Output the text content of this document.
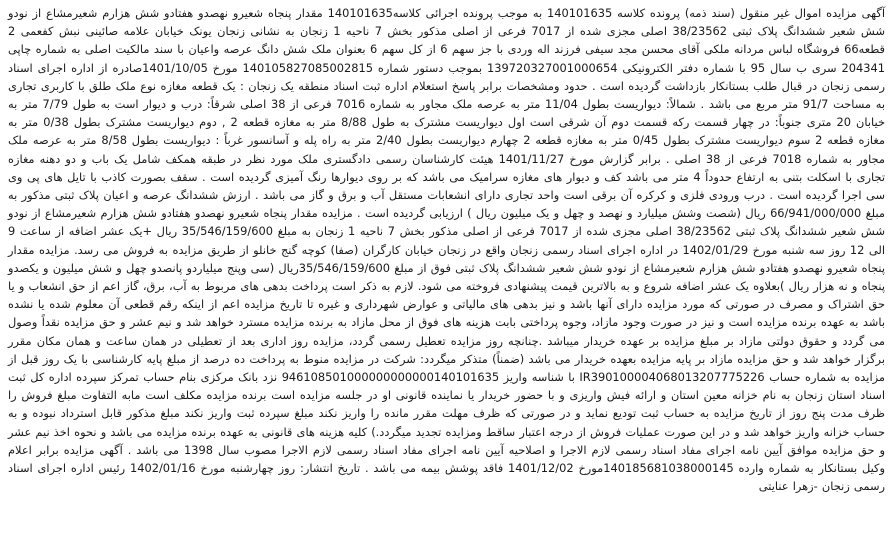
آگهی مزایده اموال غیر منقول (سند ذمه) پرونده کلاسه 140101635 به موجب پرونده اجرائی کلاسه140101635 مقدار پنجاه شعیرو نهصدو هفتادو شش هزارم شعیرمشاع از نودو شش شعیر ششدانگ پلاک ثبتی 38/23562 اصلی مجزی شده از 7017 فرعی از اصلی مذکور بخش 7 ناحیه 1 زنجان به نشانی زنجان یونک خیابان علامه صائینی نبش کفعمی 2 قطعه66 فروشگاه لباس مردانه ملکی آقای محسن مجد سیفی فرزند اله وردی با جز سهم 6 از کل سهم 6 بعنوان ملک شش دانگ عرصه واعیان با سند مالکیت اصلی به شماره چاپی 204341 سری ب سال 95 با شماره دفتر الکترونیکی 139720327001000654 بموجب دستور شماره 140105827085002815 مورخ 1401/10/05صادره از اداره اجرای اسناد رسمی زنجان در قبال طلب بستانکار بازداشت گردیده است . حدود ومشخصات برابر پاسخ استعلام اداره ثبت اسناد منطقه یک زنجان : یک قطعه مغازه نوع ملک طلق با کاربری تجاری به مساحت 91/7 متر مربع می باشد . شمالاً: دیواریست بطول 11/04 متر به عرصه ملک مجاور به شماره 7016 فرعی از 38 اصلی شرقاً: درب و دیوار است به طول 7/79 متر به خیابان 20 متری جنوباً: در چهار قسمت ركه قسمت دوم آن شرقی است اول دیواریست مشترک به طول 8/88 متر به مغازه قطعه 2 , دوم دیواریست مشترک بطول 0/38 متر به مغازه قطعه 2 سوم دیواریست مشترک بطول 0/45 متر به مغازه قطعه 2 چهارم دیواریست بطول 2/40 متر به راه پله و آسانسور غرباً : دیواریست بطول 8/58 متر به عرصه ملک مجاور به شماره 7018 فرعی از 38 اصلی . برابر گزارش مورخ 1401/11/27 هیئت کارشناسان رسمی دادگستری ملک مورد نظر در طبقه همکف شامل یک باب و دو دهنه مغازه تجاری با اسکلت بتنی به ارتفاع حدوداً 4 متر می باشد کف و دیوار های مغازه سرامیک می باشد که بر روی دیوارها رنگ آمیزی گردیده است . سقف بصورت کاذب با تایل های پی وی سی اجرا گردیده است . درب ورودی فلزی و کرکره آن برقی است واحد تجاری دارای انشعابات مستقل آب و برق و گاز می باشد . ارزش ششدانگ عرصه و اعیان پلاک ثبتی مذکور به مبلغ 66/941/000/000 ریال (شصت وشش میلیارد و نهصد و چهل و یک میلیون ریال ) ارزیابی گردیده است . مزایده مقدار پنجاه شعیرو نهصدو هفتادو شش هزارم شعیرمشاع از نودو شش شعیر ششدانگ پلاک ثبتی 38/23562 اصلی مجزی شده از 7017 فرعی از اصلی مذکور بخش 7 ناحیه 1 زنجان به مبلغ 35/546/159/600 ریال +یک عشر اضافه از ساعت 9 الی 12 روز سه شنبه مورخ 1402/01/29 در اداره اجرای اسناد رسمی زنجان واقع در زنجان خیابان کارگران (صفا) کوچه گنج خانلو از طریق مزایده به فروش می رسد. مزایده مقدار پنجاه شعیرو نهصدو هفتادو شش هزارم شعیرمشاع از نودو شش شعیر ششدانگ پلاک ثبتی فوق از مبلغ 35/546/159/600ریال (سی وپنج میلیاردو پانصدو چهل و شش میلیون و یکصدو پنجاه و نه هزار ریال )بعلاوه یک عشر اضافه شروع و به بالاترین قیمت پیشنهادی فروخته می شود. لازم به ذکر است پرداخت بدهی های مربوط به آب، برق، گاز اعم از حق انشعاب و یا حق اشتراک و مصرف در صورتی که مورد مزایده دارای آنها باشد و نیز بدهی های مالیاتی و عوارض شهرداری و غیره تا تاریخ مزایده اعم از اینکه رقم قطعی آن معلوم شده یا نشده باشد به عهده برنده مزایده است و نیز در صورت وجود مازاد، وجوه پرداختی بابت هزینه های فوق از محل مازاد به برنده مزایده مسترد خواهد شد و نیم عشر و حق مزایده نقداً وصول می گردد و حقوق دولتی مازاد بر مبلغ مزایده بر عهده خریدار میباشد .چنانچه روز مزایده تعطیل رسمی گردد، مزایده روز اداری بعد از تعطیلی در همان ساعت و همان مکان مقرر برگزار خواهد شد و حق مزایده مازاد بر پایه مزایده بعهده خریدار می باشد (ضمناً) متذکر میگردد: شرکت در مزایده منوط به پرداخت ده درصد از مبلغ پایه کارشناسی با یک روز قبل از مزایده به شماره حساب IR390100004068013207775226 با شناسه واریز 946108501000000000000140101635 نزد بانک مرکزی بنام حساب تمرکز سپرده اداره کل ثبت اسناد استان زنجان به نام خزانه معین استان و ارائه فیش واریزی و با حضور خریدار یا نماینده قانونی او در جلسه مزایده است برنده مزایده مکلف است مابه التفاوت مبلغ فروش را ظرف مدت پنج روز از تاریخ مزایده به حساب ثبت تودیع نماید و در صورتی که ظرف مهلت مقرر مانده را واریز نکند مبلغ سپرده ثبت واریز نکند مبلغ مذکور قابل استرداد نبوده و به حساب خزانه واریز خواهد شد و در این صورت عملیات فروش از درجه اعتبار ساقط ومزایده تجدید میگردد.) کلیه هزینه های قانونی به عهده برنده مزایده می باشد و نحوه اخذ نیم عشر و حق مزایده موافق آیین نامه اجرای مفاد اسناد رسمی لازم الاجرا و اصلاحیه آیین نامه اجرای مفاد اسناد رسمی لازم الاجرا مصوب سال 1398 می باشد . آگهی مزایده برابر اعلام وکیل بستانکار به شماره وارده 140185681038000145مورخ 1401/12/02 فاقد پوشش بیمه می باشد . تاریخ انتشار: روز چهارشنبه مورخ 1402/01/16 رئیس اداره اجرای اسناد رسمی زنجان -زهرا عنایتی
